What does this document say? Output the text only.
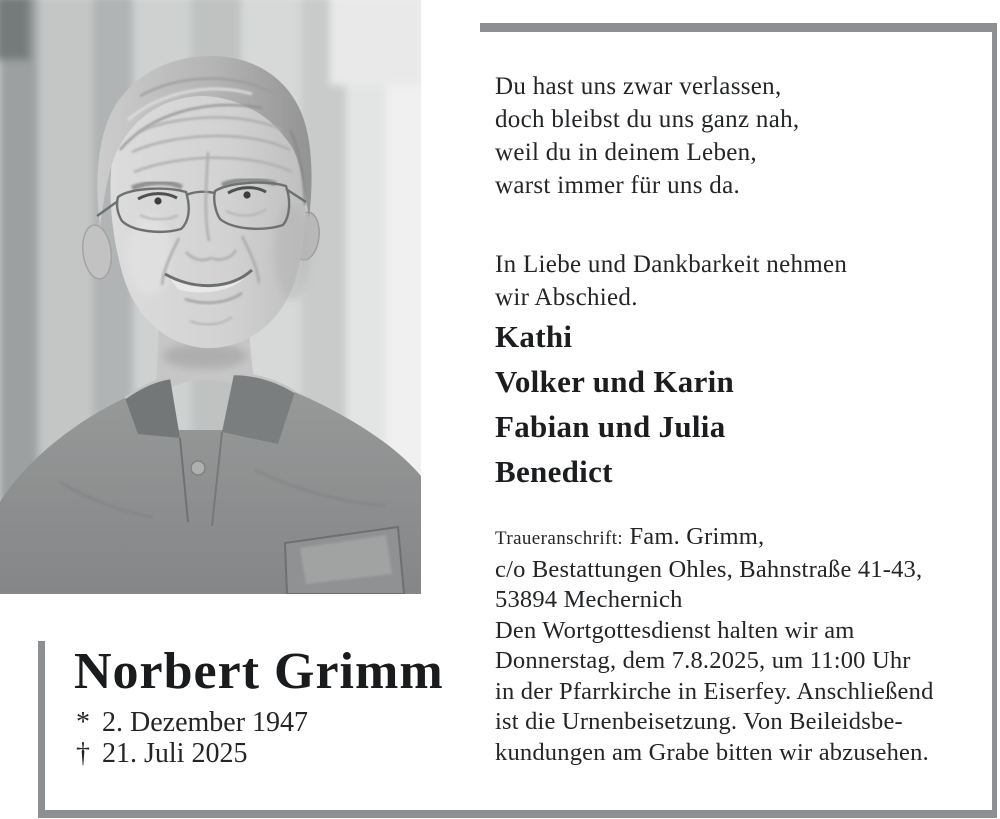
Du hast uns zwar verlassen,
doch bleibst du uns ganz nah,
weil du in deinem Leben,
warst immer für uns da.
In Liebe und Dankbarkeit nehmen
wir Abschied.
Kathi
Volker und Karin
Fabian und Julia
Benedict
Traueranschrift: Fam. Grimm,
c/o Bestattungen Ohles, Bahnstraße 41-43,
53894 Mechernich
Den Wortgottesdienst halten wir am
Donnerstag, dem 7.8.2025, um 11:00 Uhr
in der Pfarrkirche in Eiserfey. Anschließend
ist die Urnenbeisetzung. Von Beileidsbe-
kundungen am Grabe bitten wir abzusehen.
Norbert Grimm
* 2. Dezember 1947
† 21. Juli 2025
